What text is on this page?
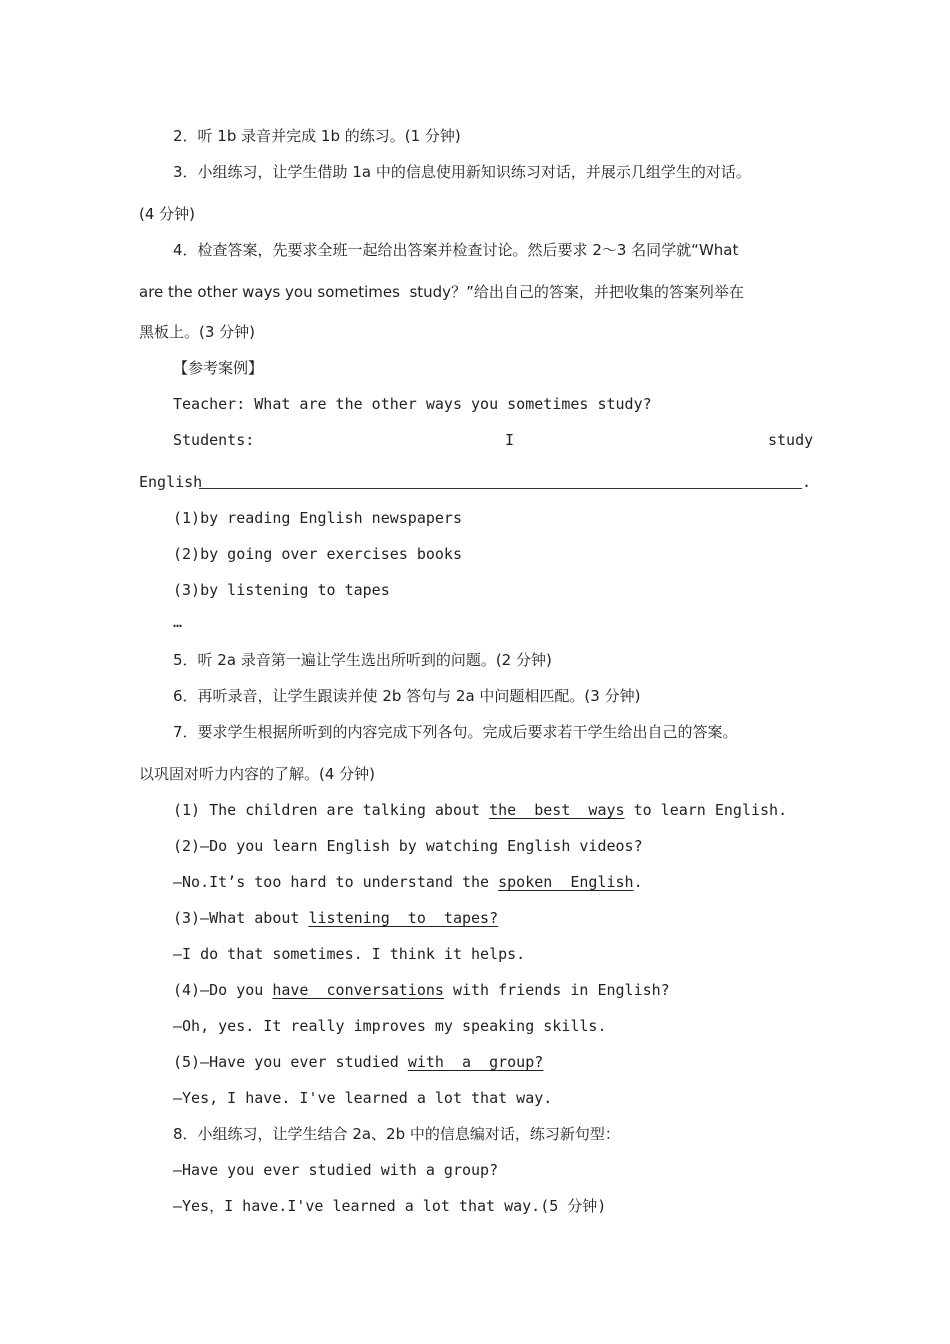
2．听 1b 录音并完成 1b 的练习。(1 分钟)
3．小组练习，让学生借助 1a 中的信息使用新知识练习对话，并展示几组学生的对话。
(4 分钟)
4．检查答案，先要求全班一起给出答案并检查讨论。然后要求 2～3 名同学就“What
are the other ways you sometimes  study？”给出自己的答案，并把收集的答案列举在
黑板上。(3 分钟)
【参考案例】
Teacher: What are the other ways you sometimes study?
Students:	I	study
English	.
(1)by reading English newspapers
(2)by going over exercises books
(3)by listening to tapes
…
5．听 2a 录音第一遍让学生选出所听到的问题。(2 分钟)
6．再听录音，让学生跟读并使 2b 答句与 2a 中问题相匹配。(3 分钟)
7．要求学生根据所听到的内容完成下列各句。完成后要求若干学生给出自己的答案。
以巩固对听力内容的了解。(4 分钟)
(1) The children are talking about the  best  ways to learn English.
(2)—Do you learn English by watching English videos?
—No.It’s too hard to understand the spoken  English.
(3)—What about listening  to  tapes?
—I do that sometimes. I think it helps.
(4)—Do you have  conversations with friends in English?
—Oh, yes. It really improves my speaking skills.
(5)—Have you ever studied with  a  group?
—Yes, I have. I've learned a lot that way.
8．小组练习，让学生结合 2a、2b 中的信息编对话，练习新句型：
—Have you ever studied with a group?
—Yes，I have.I've learned a lot that way.(5 分钟)
